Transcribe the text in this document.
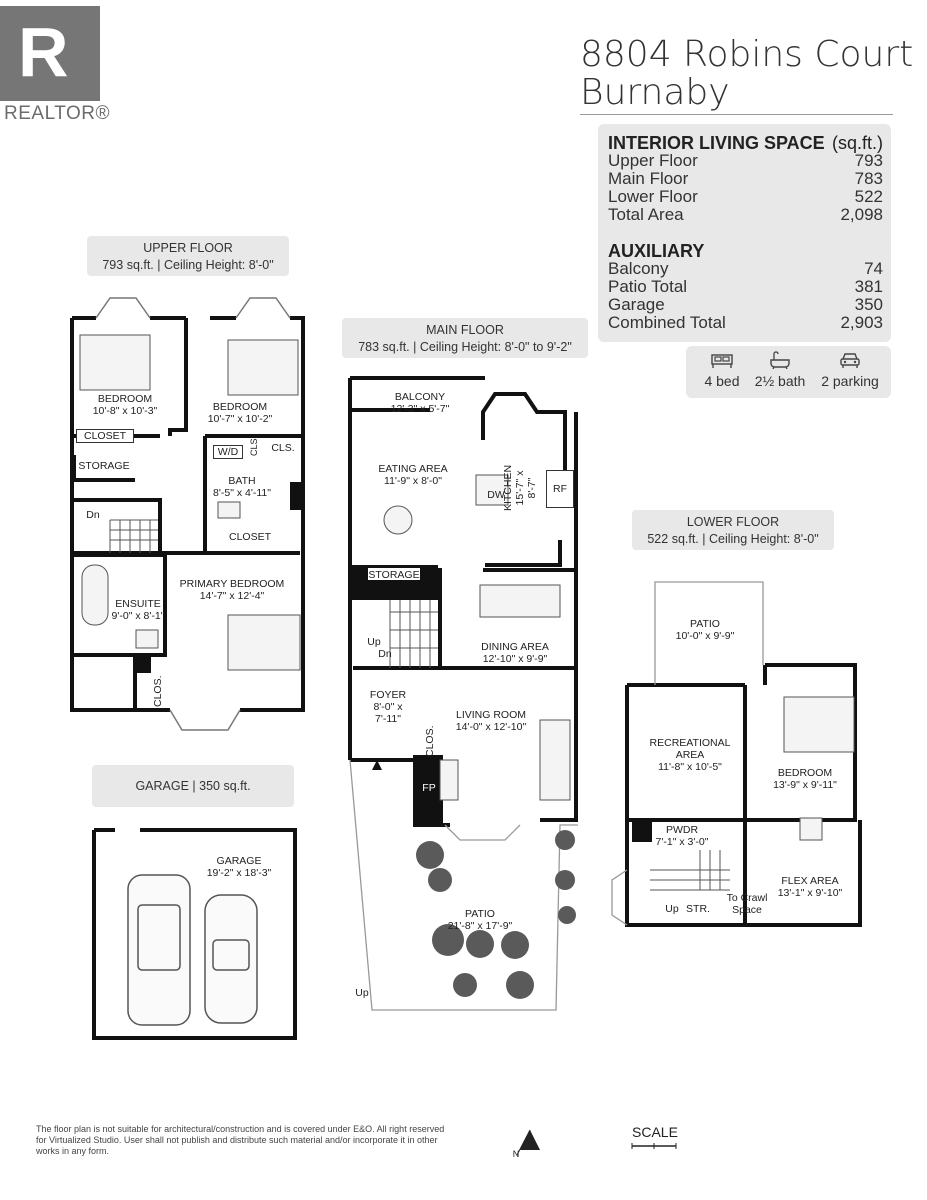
R
REALTOR®
8804 Robins Court
Burnaby
INTERIOR LIVING SPACE (sq.ft.)
Upper Floor	793
Main Floor	783
Lower Floor	522
Total Area	2,098
AUXILIARY
Balcony	74
Patio Total	381
Garage	350
Combined Total	2,903
4 bed	2½ bath	2 parking
UPPER FLOOR
793 sq.ft. | Ceiling Height: 8'-0"
MAIN FLOOR
783 sq.ft. | Ceiling Height: 8'-0" to 9'-2"
LOWER FLOOR
522 sq.ft. | Ceiling Height: 8'-0"
GARAGE | 350 sq.ft.
BEDROOM
10'-8" x 10'-3"	BEDROOM
10'-7" x 10'-2"
CLOSET
STORAGE
W/D	CLS.	CLS.
BATH
8'-5" x 4'-11"
Dn
CLOSET
ENSUITE
9'-0" x 8'-1"
PRIMARY BEDROOM
14'-7" x 12'-4"
CLOS.
BALCONY
12'-3" x 5'-7"
EATING AREA
11'-9" x 8'-0"	KITCHEN 15'-7" x 8'-7"
DW	RF
STORAGE
Up
Dn
DINING AREA
12'-10" x 9'-9"
FOYER
8'-0" x 7'-11"
CLOS.
LIVING ROOM
14'-0" x 12'-10"
FP
PATIO
21'-8" x 17'-9"
Up
GARAGE
19'-2" x 18'-3"
PATIO
10'-0" x 9'-9"
RECREATIONAL
AREA
11'-8" x 10'-5"	BEDROOM
13'-9" x 9'-11"
PWDR
7'-1" x 3'-0"
FLEX AREA
13'-1" x 9'-10"
To Crawl
Space
Up STR.
The floor plan is not suitable for architectural/construction and is covered under E&O. All right reserved for Virtualized Studio. User shall not publish and distribute such material and/or incorporate it in other works in any form.	N
SCALE
